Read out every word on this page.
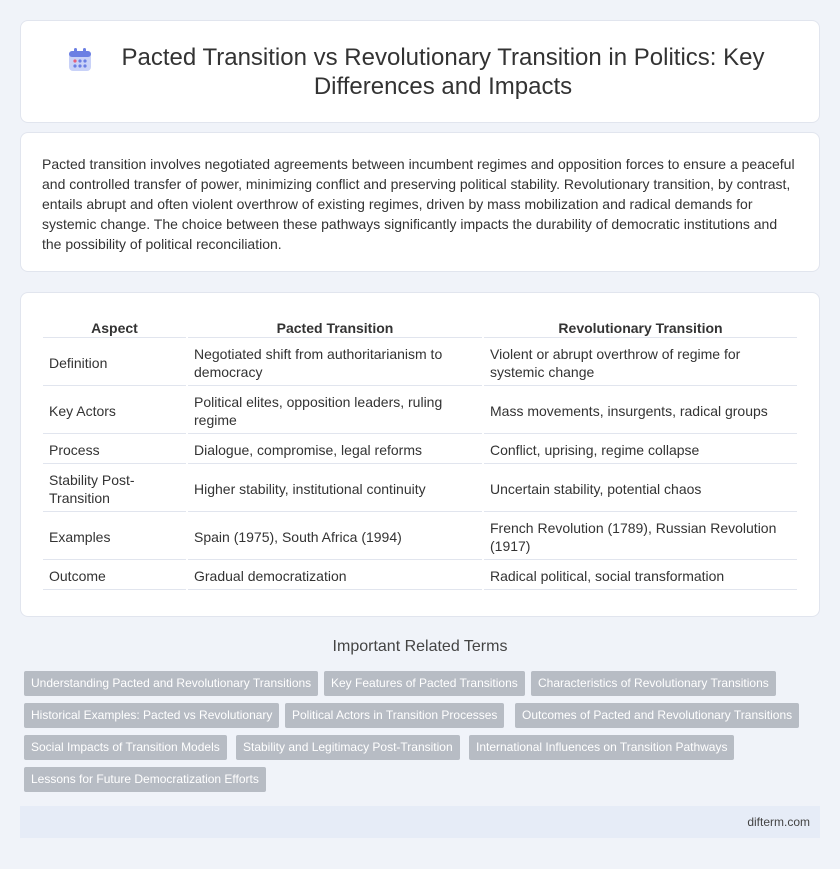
Pacted Transition vs Revolutionary Transition in Politics: Key Differences and Impacts

Pacted transition involves negotiated agreements between incumbent regimes and opposition forces to ensure a peaceful and controlled transfer of power, minimizing conflict and preserving political stability. Revolutionary transition, by contrast, entails abrupt and often violent overthrow of existing regimes, driven by mass mobilization and radical demands for systemic change. The choice between these pathways significantly impacts the durability of democratic institutions and the possibility of political reconciliation.

Aspect	Pacted Transition	Revolutionary Transition
Definition	Negotiated shift from authoritarianism to democracy	Violent or abrupt overthrow of regime for systemic change
Key Actors	Political elites, opposition leaders, ruling regime	Mass movements, insurgents, radical groups
Process	Dialogue, compromise, legal reforms	Conflict, uprising, regime collapse
Stability Post-Transition	Higher stability, institutional continuity	Uncertain stability, potential chaos
Examples	Spain (1975), South Africa (1994)	French Revolution (1789), Russian Revolution (1917)
Outcome	Gradual democratization	Radical political, social transformation
Important Related Terms
Understanding Pacted and Revolutionary Transitions	Key Features of Pacted Transitions	Characteristics of Revolutionary Transitions
Historical Examples: Pacted vs Revolutionary	Political Actors in Transition Processes	Outcomes of Pacted and Revolutionary Transitions
Social Impacts of Transition Models	Stability and Legitimacy Post-Transition	International Influences on Transition Pathways
Lessons for Future Democratization Efforts
difterm.com
